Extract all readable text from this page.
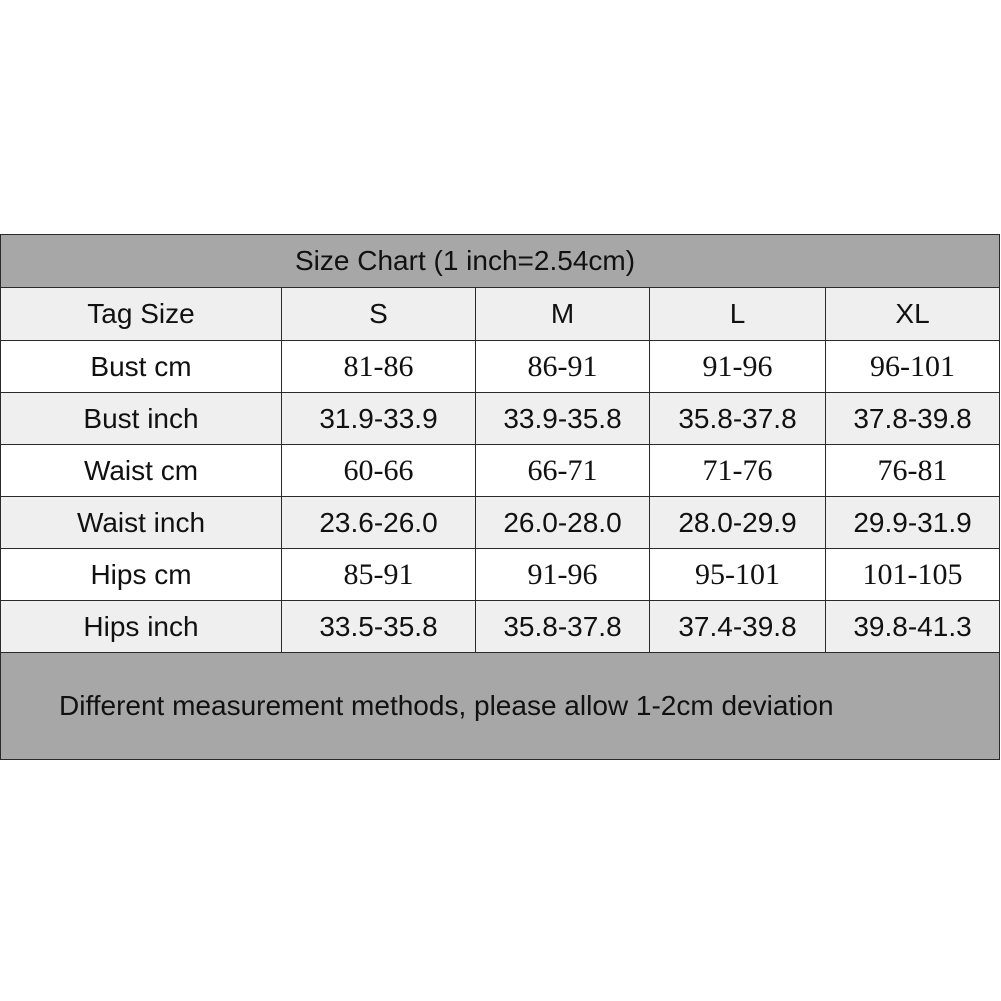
Size Chart (1 inch=2.54cm)				
Tag Size	S	M	L	XL
Bust cm	81-86	86-91	91-96	96-101
Bust inch	31.9-33.9	33.9-35.8	35.8-37.8	37.8-39.8
Waist cm	60-66	66-71	71-76	76-81
Waist inch	23.6-26.0	26.0-28.0	28.0-29.9	29.9-31.9
Hips cm	85-91	91-96	95-101	101-105
Hips inch	33.5-35.8	35.8-37.8	37.4-39.8	39.8-41.3
Different measurement methods, please allow 1-2cm deviation				
